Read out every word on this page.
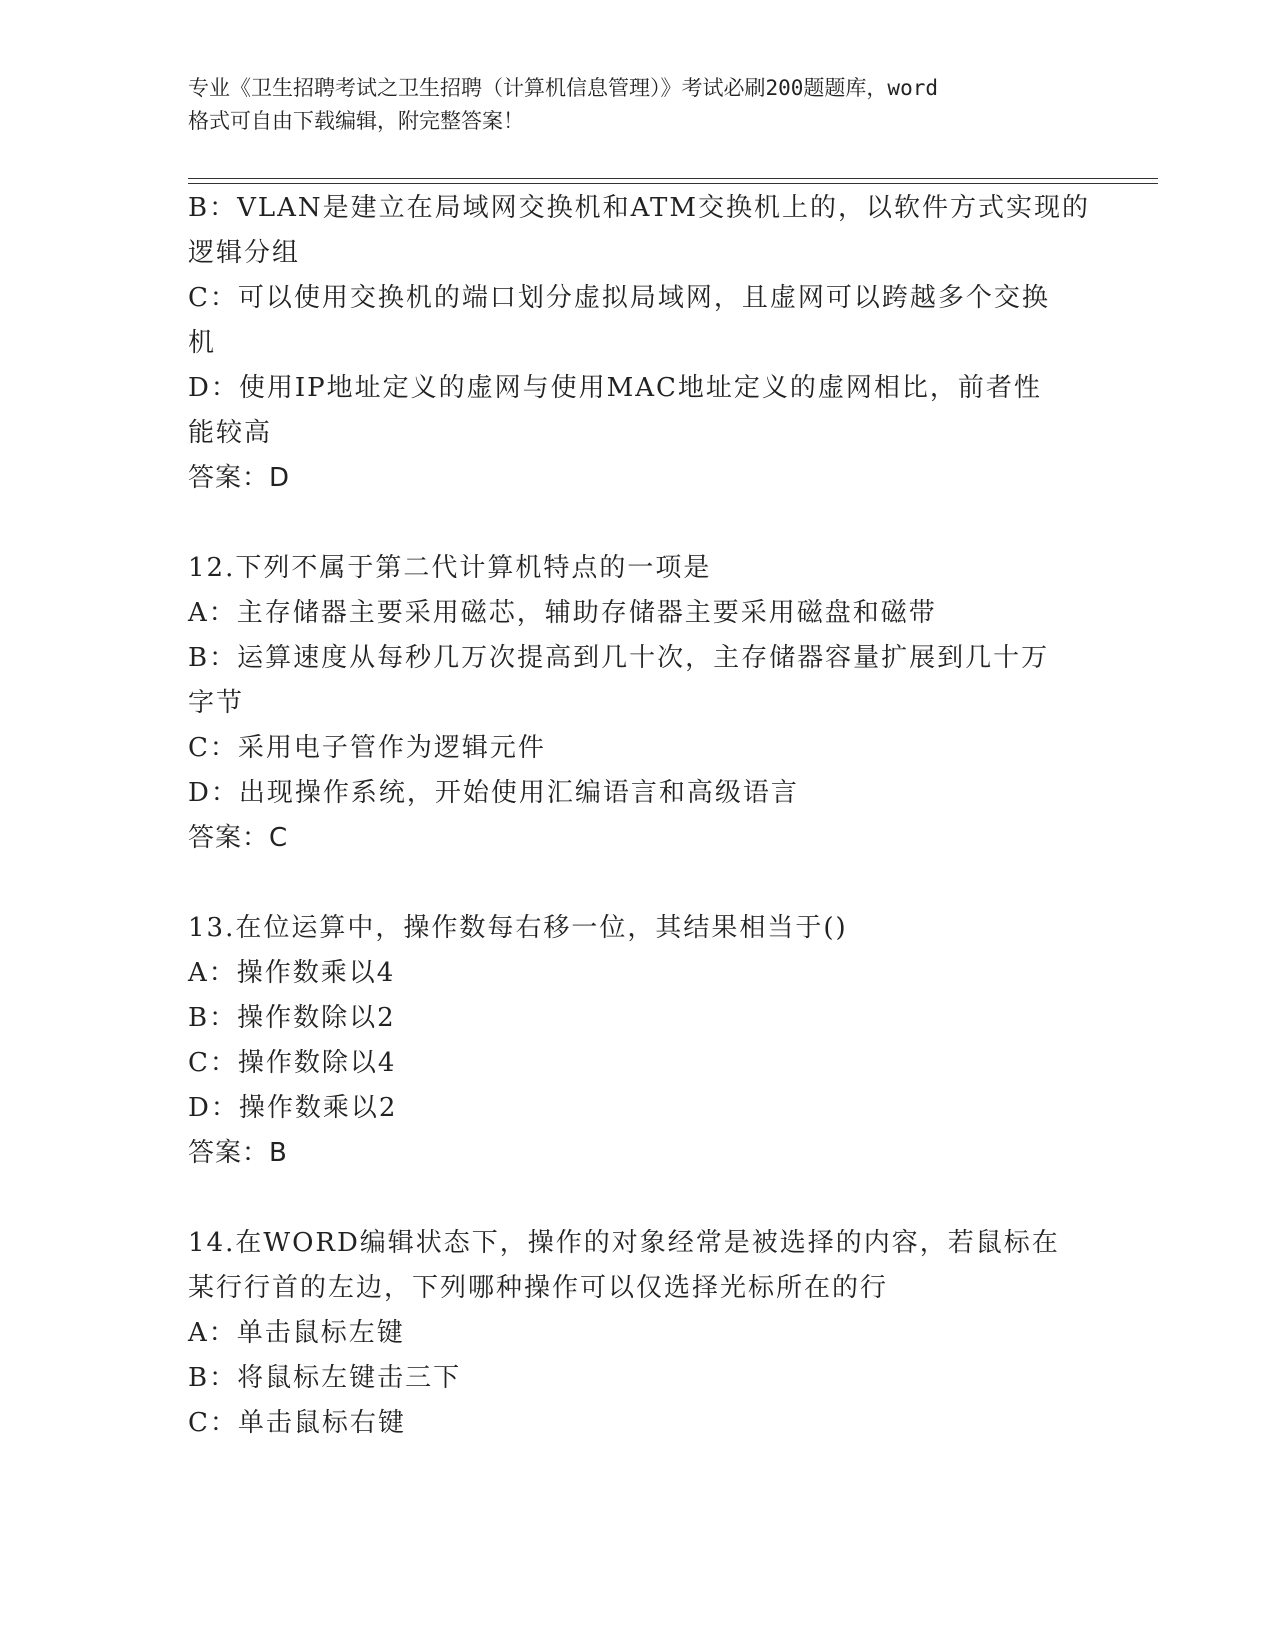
专业《卫生招聘考试之卫生招聘（计算机信息管理）》考试必刷200题题库，word

格式可自由下载编辑，附完整答案！

B：VLAN是建立在局域网交换机和ATM交换机上的，以软件方式实现的
逻辑分组
C：可以使用交换机的端口划分虚拟局域网，且虚网可以跨越多个交换
机
D：使用IP地址定义的虚网与使用MAC地址定义的虚网相比，前者性
能较高
答案：D
12.下列不属于第二代计算机特点的一项是
A：主存储器主要采用磁芯，辅助存储器主要采用磁盘和磁带
B：运算速度从每秒几万次提高到几十次，主存储器容量扩展到几十万
字节
C：采用电子管作为逻辑元件
D：出现操作系统，开始使用汇编语言和高级语言
答案：C
13.在位运算中，操作数每右移一位，其结果相当于()
A：操作数乘以4
B：操作数除以2
C：操作数除以4
D：操作数乘以2
答案：B
14.在WORD编辑状态下，操作的对象经常是被选择的内容，若鼠标在
某行行首的左边，下列哪种操作可以仅选择光标所在的行
A：单击鼠标左键
B：将鼠标左键击三下
C：单击鼠标右键
